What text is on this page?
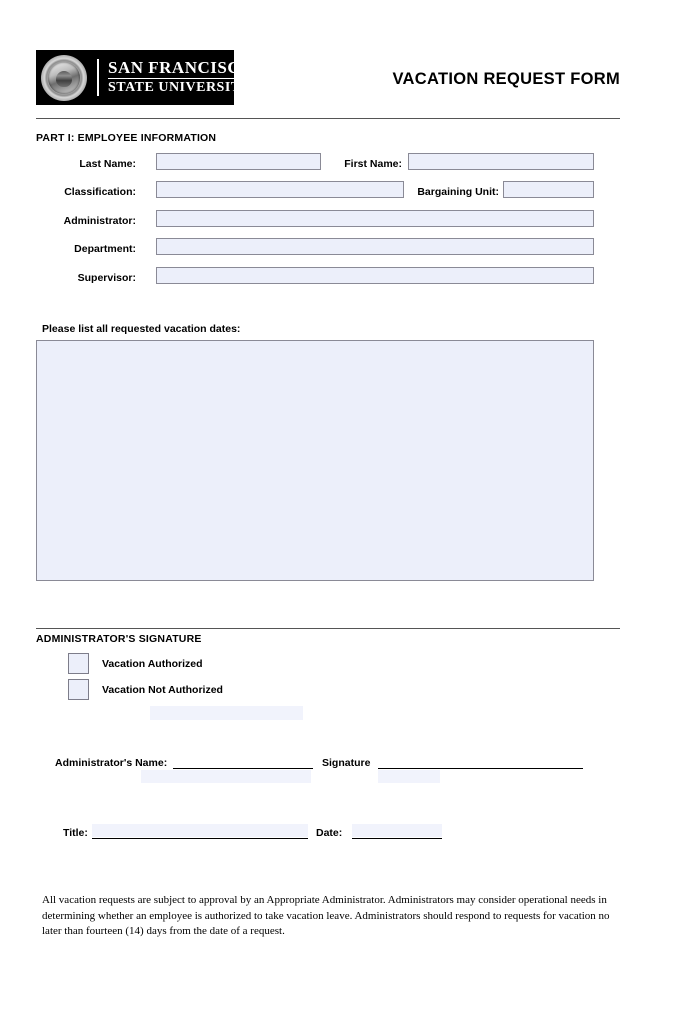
SAN FRANCISCO
STATE UNIVERSITY	VACATION REQUEST FORM
PART I: EMPLOYEE INFORMATION
Last Name:	First Name:
Classification:	Bargaining Unit:
Administrator:
Department:
Supervisor:
Please list all requested vacation dates:
ADMINISTRATOR'S SIGNATURE
Vacation Authorized
Vacation Not Authorized
Administrator's Name:	Signature
Title:	Date:
All vacation requests are subject to approval by an Appropriate Administrator. Administrators may consider operational needs in determining whether an employee is authorized to take vacation leave. Administrators should respond to requests for vacation no later than fourteen (14) days from the date of a request.
